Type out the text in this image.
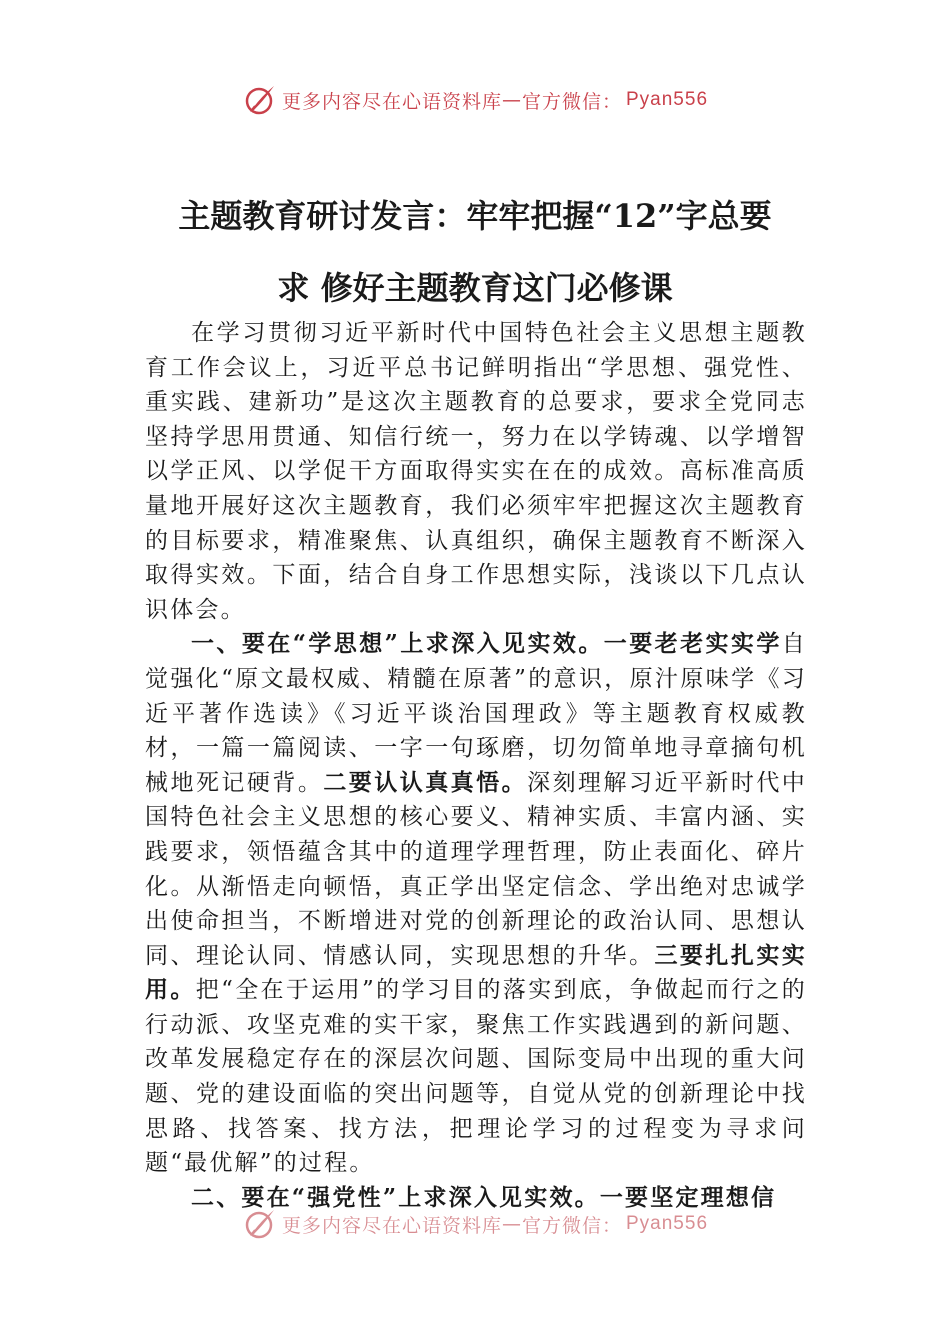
更多内容尽在心语资料库 — 官方微信： Pyan556
主题教育研讨发言：牢牢把握“12”字总要
求 修好主题教育这门必修课

在学习贯彻习近平新时代中国特色社会主义思想主题教育工作会议上，习近平总书记鲜明指出“学思想、强党性、重实践、建新功”是这次主题教育的总要求，要求全党同志坚持学思用贯通、知信行统一，努力在以学铸魂、以学增智以学正风、以学促干方面取得实实在在的成效。高标准高质量地开展好这次主题教育，我们必须牢牢把握这次主题教育的目标要求，精准聚焦、认真组织，确保主题教育不断深入取得实效。下面，结合自身工作思想实际，浅谈以下几点认识体会。

一、要在“学思想”上求深入见实效。一要老老实实学自觉强化“原文最权威、精髓在原著”的意识，原汁原味学《习近平著作选读》《习近平谈治国理政》等主题教育权威教材，一篇一篇阅读、一字一句琢磨，切勿简单地寻章摘句机械地死记硬背。二要认认真真悟。深刻理解习近平新时代中国特色社会主义思想的核心要义、精神实质、丰富内涵、实践要求，领悟蕴含其中的道理学理哲理，防止表面化、碎片化。从渐悟走向顿悟，真正学出坚定信念、学出绝对忠诚学出使命担当，不断增进对党的创新理论的政治认同、思想认同、理论认同、情感认同，实现思想的升华。三要扎扎实实用。把“全在于运用”的学习目的落实到底，争做起而行之的行动派、攻坚克难的实干家，聚焦工作实践遇到的新问题、改革发展稳定存在的深层次问题、国际变局中出现的重大问题、党的建设面临的突出问题等，自觉从党的创新理论中找思路、找答案、找方法，把理论学习的过程变为寻求问题“最优解”的过程。

二、要在“强党性”上求深入见实效。一要坚定理想信

更多内容尽在心语资料库 — 官方微信： Pyan556
